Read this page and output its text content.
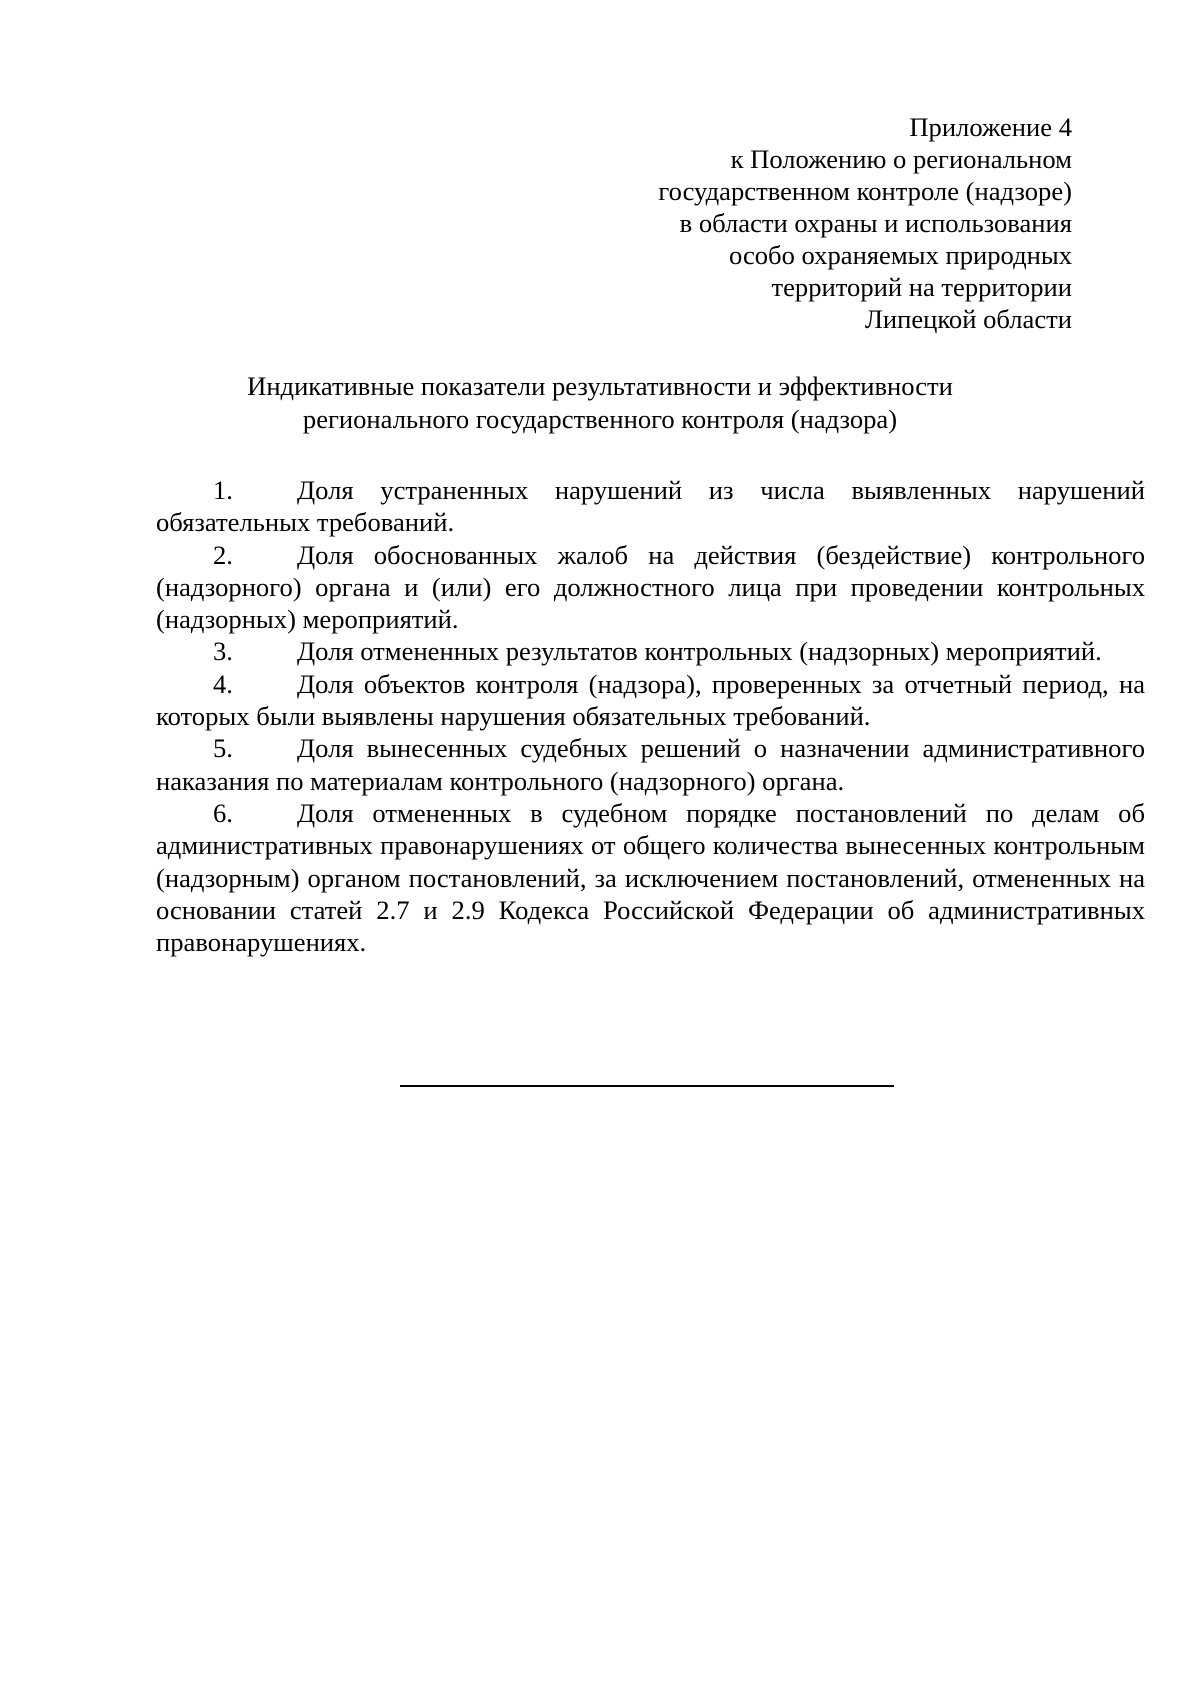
Приложение 4
к Положению о региональном
государственном контроле (надзоре)
в области охраны и использования
особо охраняемых природных
территорий на территории
Липецкой области
Индикативные показатели результативности и эффективности
регионального государственного контроля (надзора)
1. Доля устраненных нарушений из числа выявленных нарушений обязательных требований.
2. Доля обоснованных жалоб на действия (бездействие) контрольного (надзорного) органа и (или) его должностного лица при проведении контрольных (надзорных) мероприятий.
3. Доля отмененных результатов контрольных (надзорных) мероприятий.
4. Доля объектов контроля (надзора), проверенных за отчетный период, на которых были выявлены нарушения обязательных требований.
5. Доля вынесенных судебных решений о назначении административного наказания по материалам контрольного (надзорного) органа.
6. Доля отмененных в судебном порядке постановлений по делам об административных правонарушениях от общего количества вынесенных контрольным (надзорным) органом постановлений, за исключением постановлений, отмененных на основании статей 2.7 и 2.9 Кодекса Российской Федерации об административных правонарушениях.
